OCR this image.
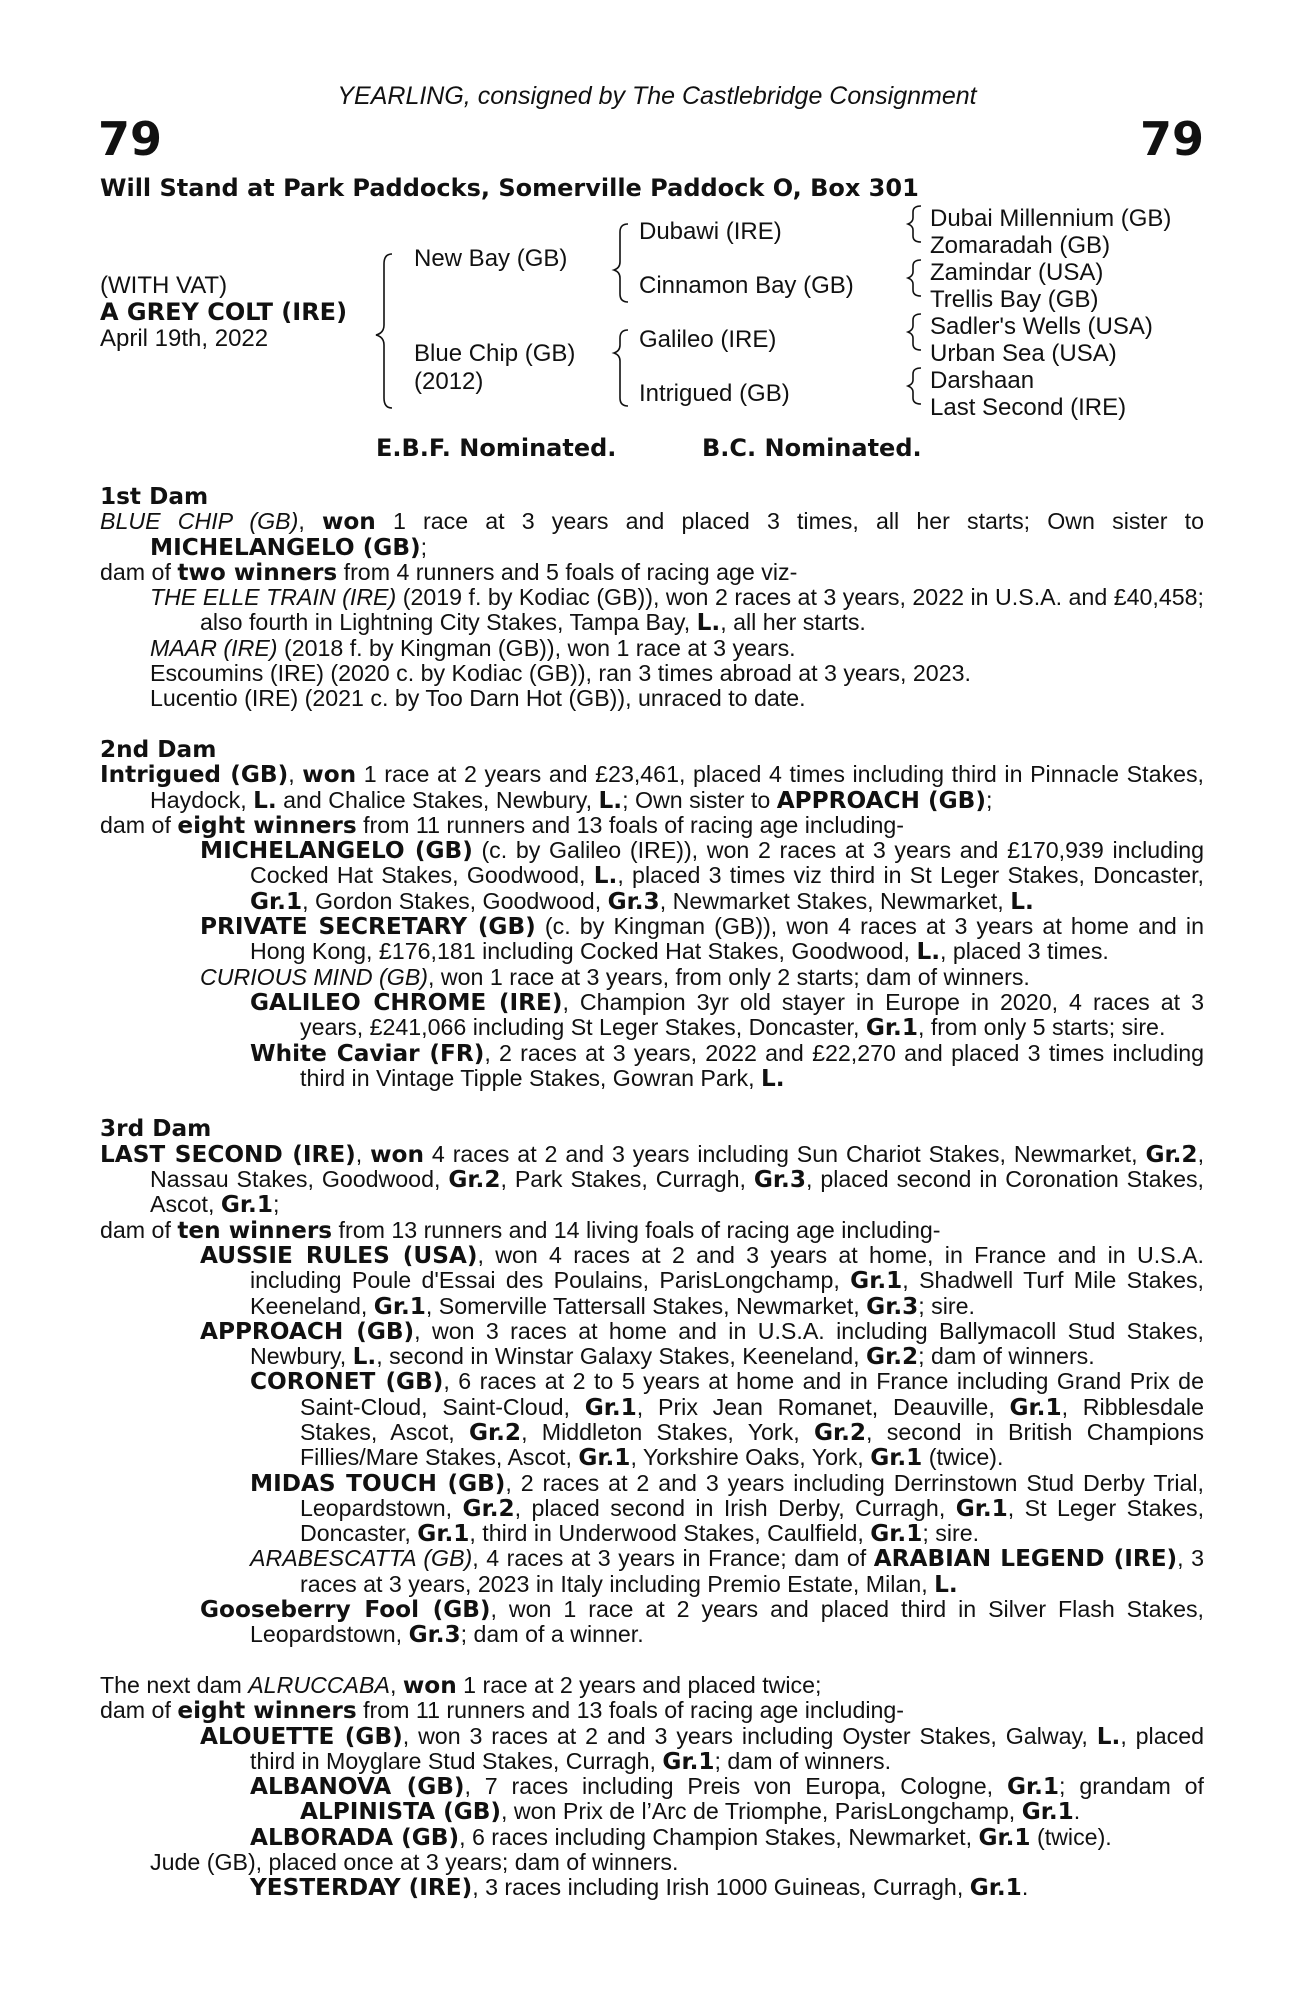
YEARLING, consigned by The Castlebridge Consignment
79	79
Will Stand at Park Paddocks, Somerville Paddock O, Box 301
(WITH VAT)
A GREY COLT (IRE)
April 19th, 2022
New Bay (GB)
Blue Chip (GB)
(2012)
Dubawi (IRE)
Cinnamon Bay (GB)
Galileo (IRE)
Intrigued (GB)
Dubai Millennium (GB)
Zomaradah (GB)
Zamindar (USA)
Trellis Bay (GB)
Sadler's Wells (USA)
Urban Sea (USA)
Darshaan
Last Second (IRE)
E.B.F. Nominated.	B.C. Nominated.
1st Dam

BLUE CHIP (GB), won 1 race at 3 years and placed 3 times, all her starts; Own sister to MICHELANGELO (GB);

dam of two winners from 4 runners and 5 foals of racing age viz-

THE ELLE TRAIN (IRE) (2019 f. by Kodiac (GB)), won 2 races at 3 years, 2022 in U.S.A. and £40,458; also fourth in Lightning City Stakes, Tampa Bay, L., all her starts.

MAAR (IRE) (2018 f. by Kingman (GB)), won 1 race at 3 years.

Escoumins (IRE) (2020 c. by Kodiac (GB)), ran 3 times abroad at 3 years, 2023.

Lucentio (IRE) (2021 c. by Too Darn Hot (GB)), unraced to date.

2nd Dam

Intrigued (GB), won 1 race at 2 years and £23,461, placed 4 times including third in Pinnacle Stakes, Haydock, L. and Chalice Stakes, Newbury, L.; Own sister to APPROACH (GB);

dam of eight winners from 11 runners and 13 foals of racing age including-

MICHELANGELO (GB) (c. by Galileo (IRE)), won 2 races at 3 years and £170,939 including Cocked Hat Stakes, Goodwood, L., placed 3 times viz third in St Leger Stakes, Doncaster, Gr.1, Gordon Stakes, Goodwood, Gr.3, Newmarket Stakes, Newmarket, L.

PRIVATE SECRETARY (GB) (c. by Kingman (GB)), won 4 races at 3 years at home and in Hong Kong, £176,181 including Cocked Hat Stakes, Goodwood, L., placed 3 times.

CURIOUS MIND (GB), won 1 race at 3 years, from only 2 starts; dam of winners.

GALILEO CHROME (IRE), Champion 3yr old stayer in Europe in 2020, 4 races at 3 years, £241,066 including St Leger Stakes, Doncaster, Gr.1, from only 5 starts; sire.

White Caviar (FR), 2 races at 3 years, 2022 and £22,270 and placed 3 times including third in Vintage Tipple Stakes, Gowran Park, L.

3rd Dam

LAST SECOND (IRE), won 4 races at 2 and 3 years including Sun Chariot Stakes, Newmarket, Gr.2, Nassau Stakes, Goodwood, Gr.2, Park Stakes, Curragh, Gr.3, placed second in Coronation Stakes, Ascot, Gr.1;

dam of ten winners from 13 runners and 14 living foals of racing age including-

AUSSIE RULES (USA), won 4 races at 2 and 3 years at home, in France and in U.S.A. including Poule d'Essai des Poulains, ParisLongchamp, Gr.1, Shadwell Turf Mile Stakes, Keeneland, Gr.1, Somerville Tattersall Stakes, Newmarket, Gr.3; sire.

APPROACH (GB), won 3 races at home and in U.S.A. including Ballymacoll Stud Stakes, Newbury, L., second in Winstar Galaxy Stakes, Keeneland, Gr.2; dam of winners.

CORONET (GB), 6 races at 2 to 5 years at home and in France including Grand Prix de Saint-Cloud, Saint-Cloud, Gr.1, Prix Jean Romanet, Deauville, Gr.1, Ribblesdale Stakes, Ascot, Gr.2, Middleton Stakes, York, Gr.2, second in British Champions Fillies/Mare Stakes, Ascot, Gr.1, Yorkshire Oaks, York, Gr.1 (twice).

MIDAS TOUCH (GB), 2 races at 2 and 3 years including Derrinstown Stud Derby Trial, Leopardstown, Gr.2, placed second in Irish Derby, Curragh, Gr.1, St Leger Stakes, Doncaster, Gr.1, third in Underwood Stakes, Caulfield, Gr.1; sire.

ARABESCATTA (GB), 4 races at 3 years in France; dam of ARABIAN LEGEND (IRE), 3 races at 3 years, 2023 in Italy including Premio Estate, Milan, L.

Gooseberry Fool (GB), won 1 race at 2 years and placed third in Silver Flash Stakes, Leopardstown, Gr.3; dam of a winner.

The next dam ALRUCCABA, won 1 race at 2 years and placed twice;

dam of eight winners from 11 runners and 13 foals of racing age including-

ALOUETTE (GB), won 3 races at 2 and 3 years including Oyster Stakes, Galway, L., placed third in Moyglare Stud Stakes, Curragh, Gr.1; dam of winners.

ALBANOVA (GB), 7 races including Preis von Europa, Cologne, Gr.1; grandam of ALPINISTA (GB), won Prix de l’Arc de Triomphe, ParisLongchamp, Gr.1.

ALBORADA (GB), 6 races including Champion Stakes, Newmarket, Gr.1 (twice).

Jude (GB), placed once at 3 years; dam of winners.

YESTERDAY (IRE), 3 races including Irish 1000 Guineas, Curragh, Gr.1.
